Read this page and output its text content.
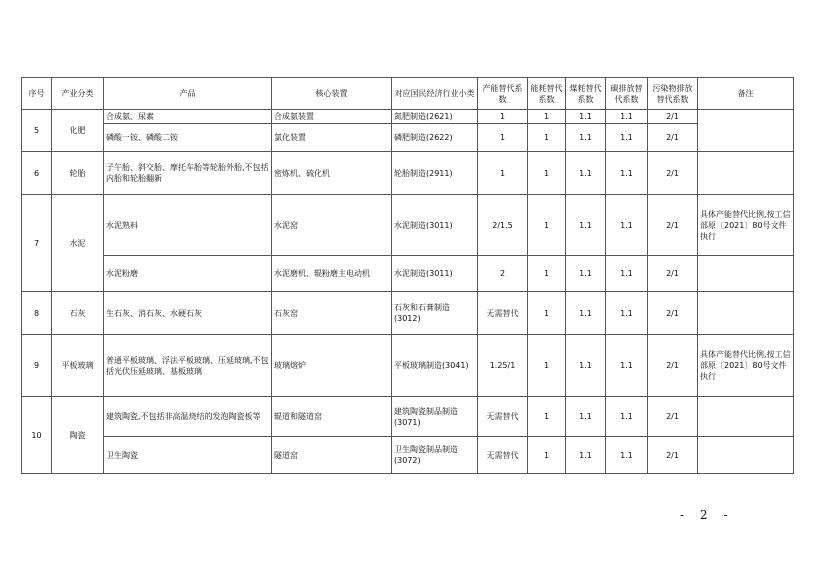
序号	产业分类	产品	核心装置	对应国民经济行业小类	产能替代系数	能耗替代系数	煤耗替代系数	碳排放替代系数	污染物排放替代系数	备注
5	化肥	合成氨、尿素	合成氨装置	氮肥制造(2621)	1	1	1.1	1.1	2/1	
		磷酸一铵、磷酸二铵	氯化装置	磷肥制造(2622)	1	1	1.1	1.1	2/1	
6	轮胎	子午胎、斜交胎、摩托车胎等轮胎外胎,不包括内胎和轮胎翻新	密炼机、硫化机	轮胎制造(2911)	1	1	1.1	1.1	2/1	
7	水泥	水泥熟料	水泥窑	水泥制造(3011)	2/1.5	1	1.1	1.1	2/1	具体产能替代比例,按工信部原〔2021〕80号文件执行
		水泥粉磨	水泥磨机、辊粉磨主电动机	水泥制造(3011)	2	1	1.1	1.1	2/1	
8	石灰	生石灰、消石灰、水硬石灰	石灰窑	石灰和石膏制造(3012)	无需替代	1	1.1	1.1	2/1	
9	平板玻璃	普通平板玻璃、浮法平板玻璃、压延玻璃,不包括光伏压延玻璃、基板玻璃	玻璃熔炉	平板玻璃制造(3041)	1.25/1	1	1.1	1.1	2/1	具体产能替代比例,按工信部原〔2021〕80号文件执行
10	陶瓷	建筑陶瓷,不包括非高温烧结的发泡陶瓷板等	辊道和隧道窑	建筑陶瓷制品制造(3071)	无需替代	1	1.1	1.1	2/1	
		卫生陶瓷	隧道窑	卫生陶瓷制品制造(3072)	无需替代	1	1.1	1.1	2/1	
- 2 -
